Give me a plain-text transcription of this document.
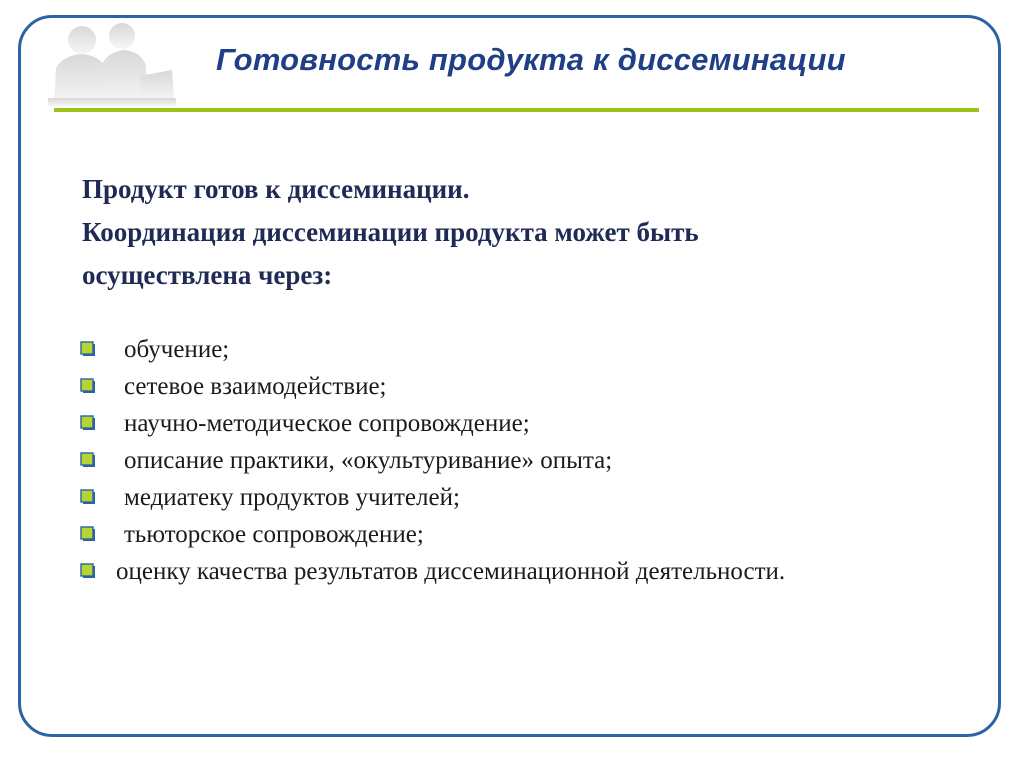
Готовность продукта к диссеминации
Продукт готов к диссеминации.
Координация диссеминации продукта может быть
осуществлена через:
обучение;
сетевое взаимодействие;
научно-методическое сопровождение;
описание практики, «окультуривание» опыта;
медиатеку продуктов учителей;
тьюторское сопровождение;
оценку качества результатов диссеминационной деятельности.
